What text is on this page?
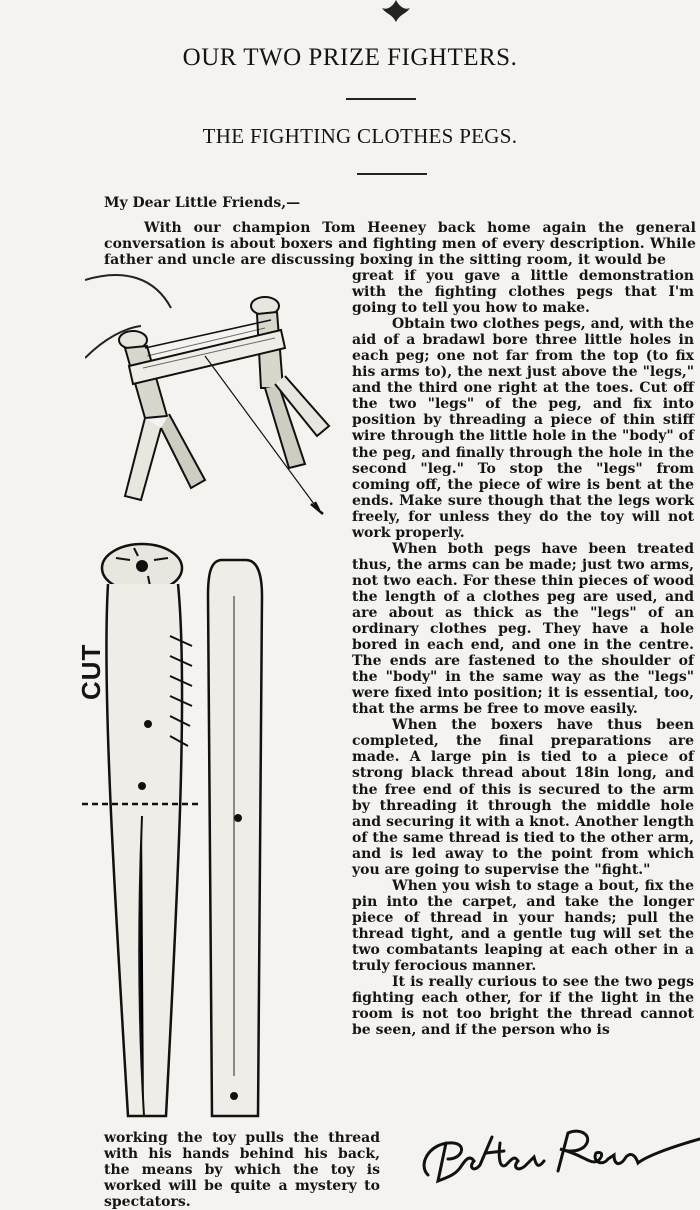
OUR TWO PRIZE FIGHTERS.
THE FIGHTING CLOTHES PEGS.
My Dear Little Friends,—

With our champion Tom Heeney back home again the general conversation is about boxers and fighting men of every description. While father and uncle are discussing boxing in the sitting room, it would be

CUT

great if you gave a little demonstration with the fighting clothes pegs that I'm going to tell you how to make.

Obtain two clothes pegs, and, with the aid of a bradawl bore three little holes in each peg; one not far from the top (to fix his arms to), the next just above the "legs," and the third one right at the toes. Cut off the two "legs" of the peg, and fix into position by threading a piece of thin stiff wire through the little hole in the "body" of the peg, and finally through the hole in the second "leg." To stop the "legs" from coming off, the piece of wire is bent at the ends. Make sure though that the legs work freely, for unless they do the toy will not work properly.

When both pegs have been treated thus, the arms can be made; just two arms, not two each. For these thin pieces of wood the length of a clothes peg are used, and are about as thick as the "legs" of an ordinary clothes peg. They have a hole bored in each end, and one in the centre. The ends are fastened to the shoulder of the "body" in the same way as the "legs" were fixed into position; it is essential, too, that the arms be free to move easily.

When the boxers have thus been completed, the final preparations are made. A large pin is tied to a piece of strong black thread about 18in long, and the free end of this is secured to the arm by threading it through the middle hole and securing it with a knot. Another length of the same thread is tied to the other arm, and is led away to the point from which you are going to supervise the "fight."

When you wish to stage a bout, fix the pin into the carpet, and take the longer piece of thread in your hands; pull the thread tight, and a gentle tug will set the two combatants leaping at each other in a truly ferocious manner.

It is really curious to see the two pegs fighting each other, for if the light in the room is not too bright the thread cannot be seen, and if the person who is

working the toy pulls the thread with his hands behind his back, the means by which the toy is worked will be quite a mystery to spectators.
